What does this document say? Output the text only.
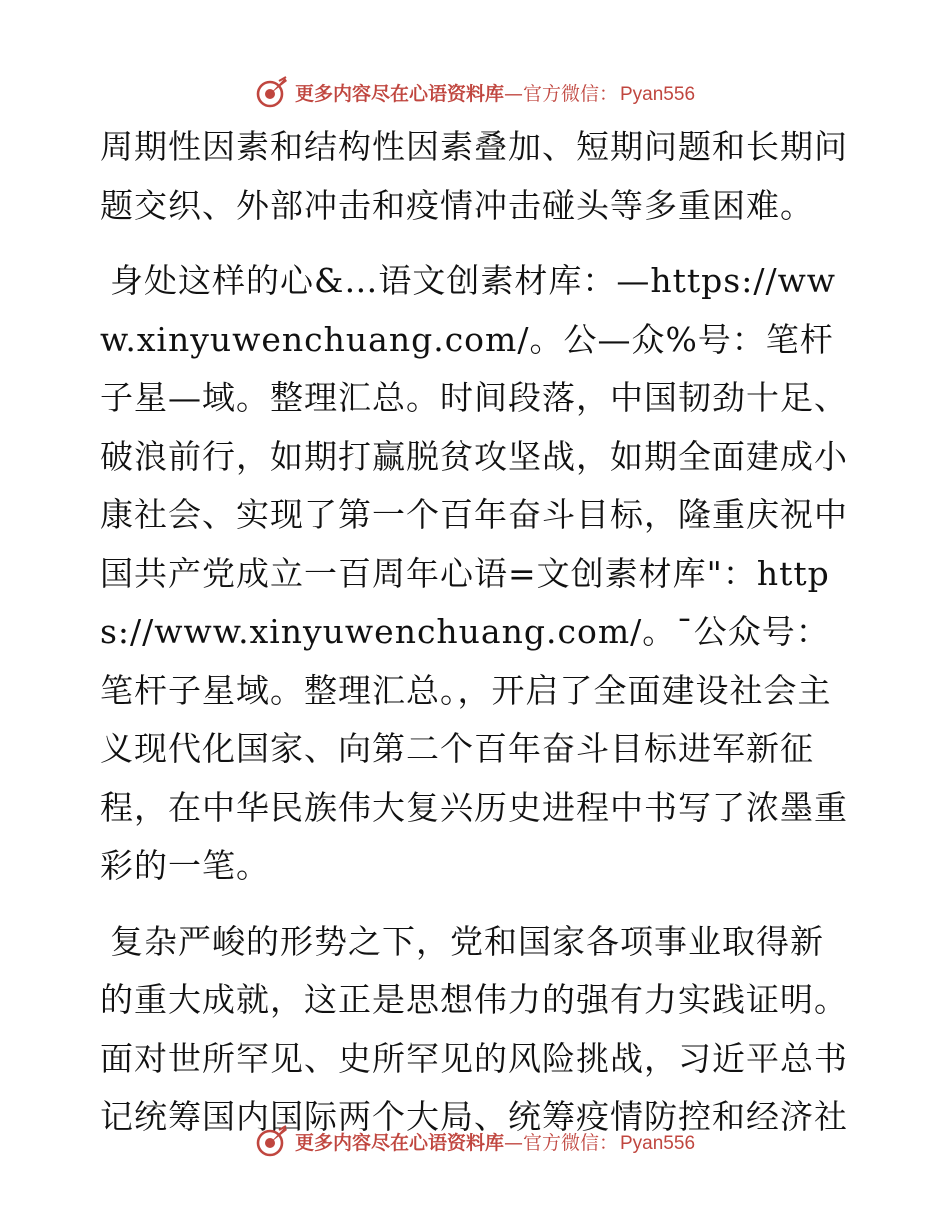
更多内容尽在心语资料库—官方微信： Pyan556

周期性因素和结构性因素叠加、短期问题和长期问题交织、外部冲击和疫情冲击碰头等多重困难。

身处这样的心&…语文创素材库：—https://www.xinyuwenchuang.com/。公—众%号：笔杆子星—域。整理汇总。时间段落，中国韧劲十足、破浪前行，如期打赢脱贫攻坚战，如期全面建成小康社会、实现了第一个百年奋斗目标，隆重庆祝中国共产党成立一百周年心语=文创素材库"：https://www.xinyuwenchuang.com/。¯公众号：笔杆子星域。整理汇总。，开启了全面建设社会主义现代化国家、向第二个百年奋斗目标进军新征程，在中华民族伟大复兴历史进程中书写了浓墨重彩的一笔。

复杂严峻的形势之下，党和国家各项事业取得新的重大成就，这正是思想伟力的强有力实践证明。面对世所罕见、史所罕见的风险挑战，习近平总书记统筹国内国际两个大局、统筹疫情防控和经济社

更多内容尽在心语资料库—官方微信： Pyan556
